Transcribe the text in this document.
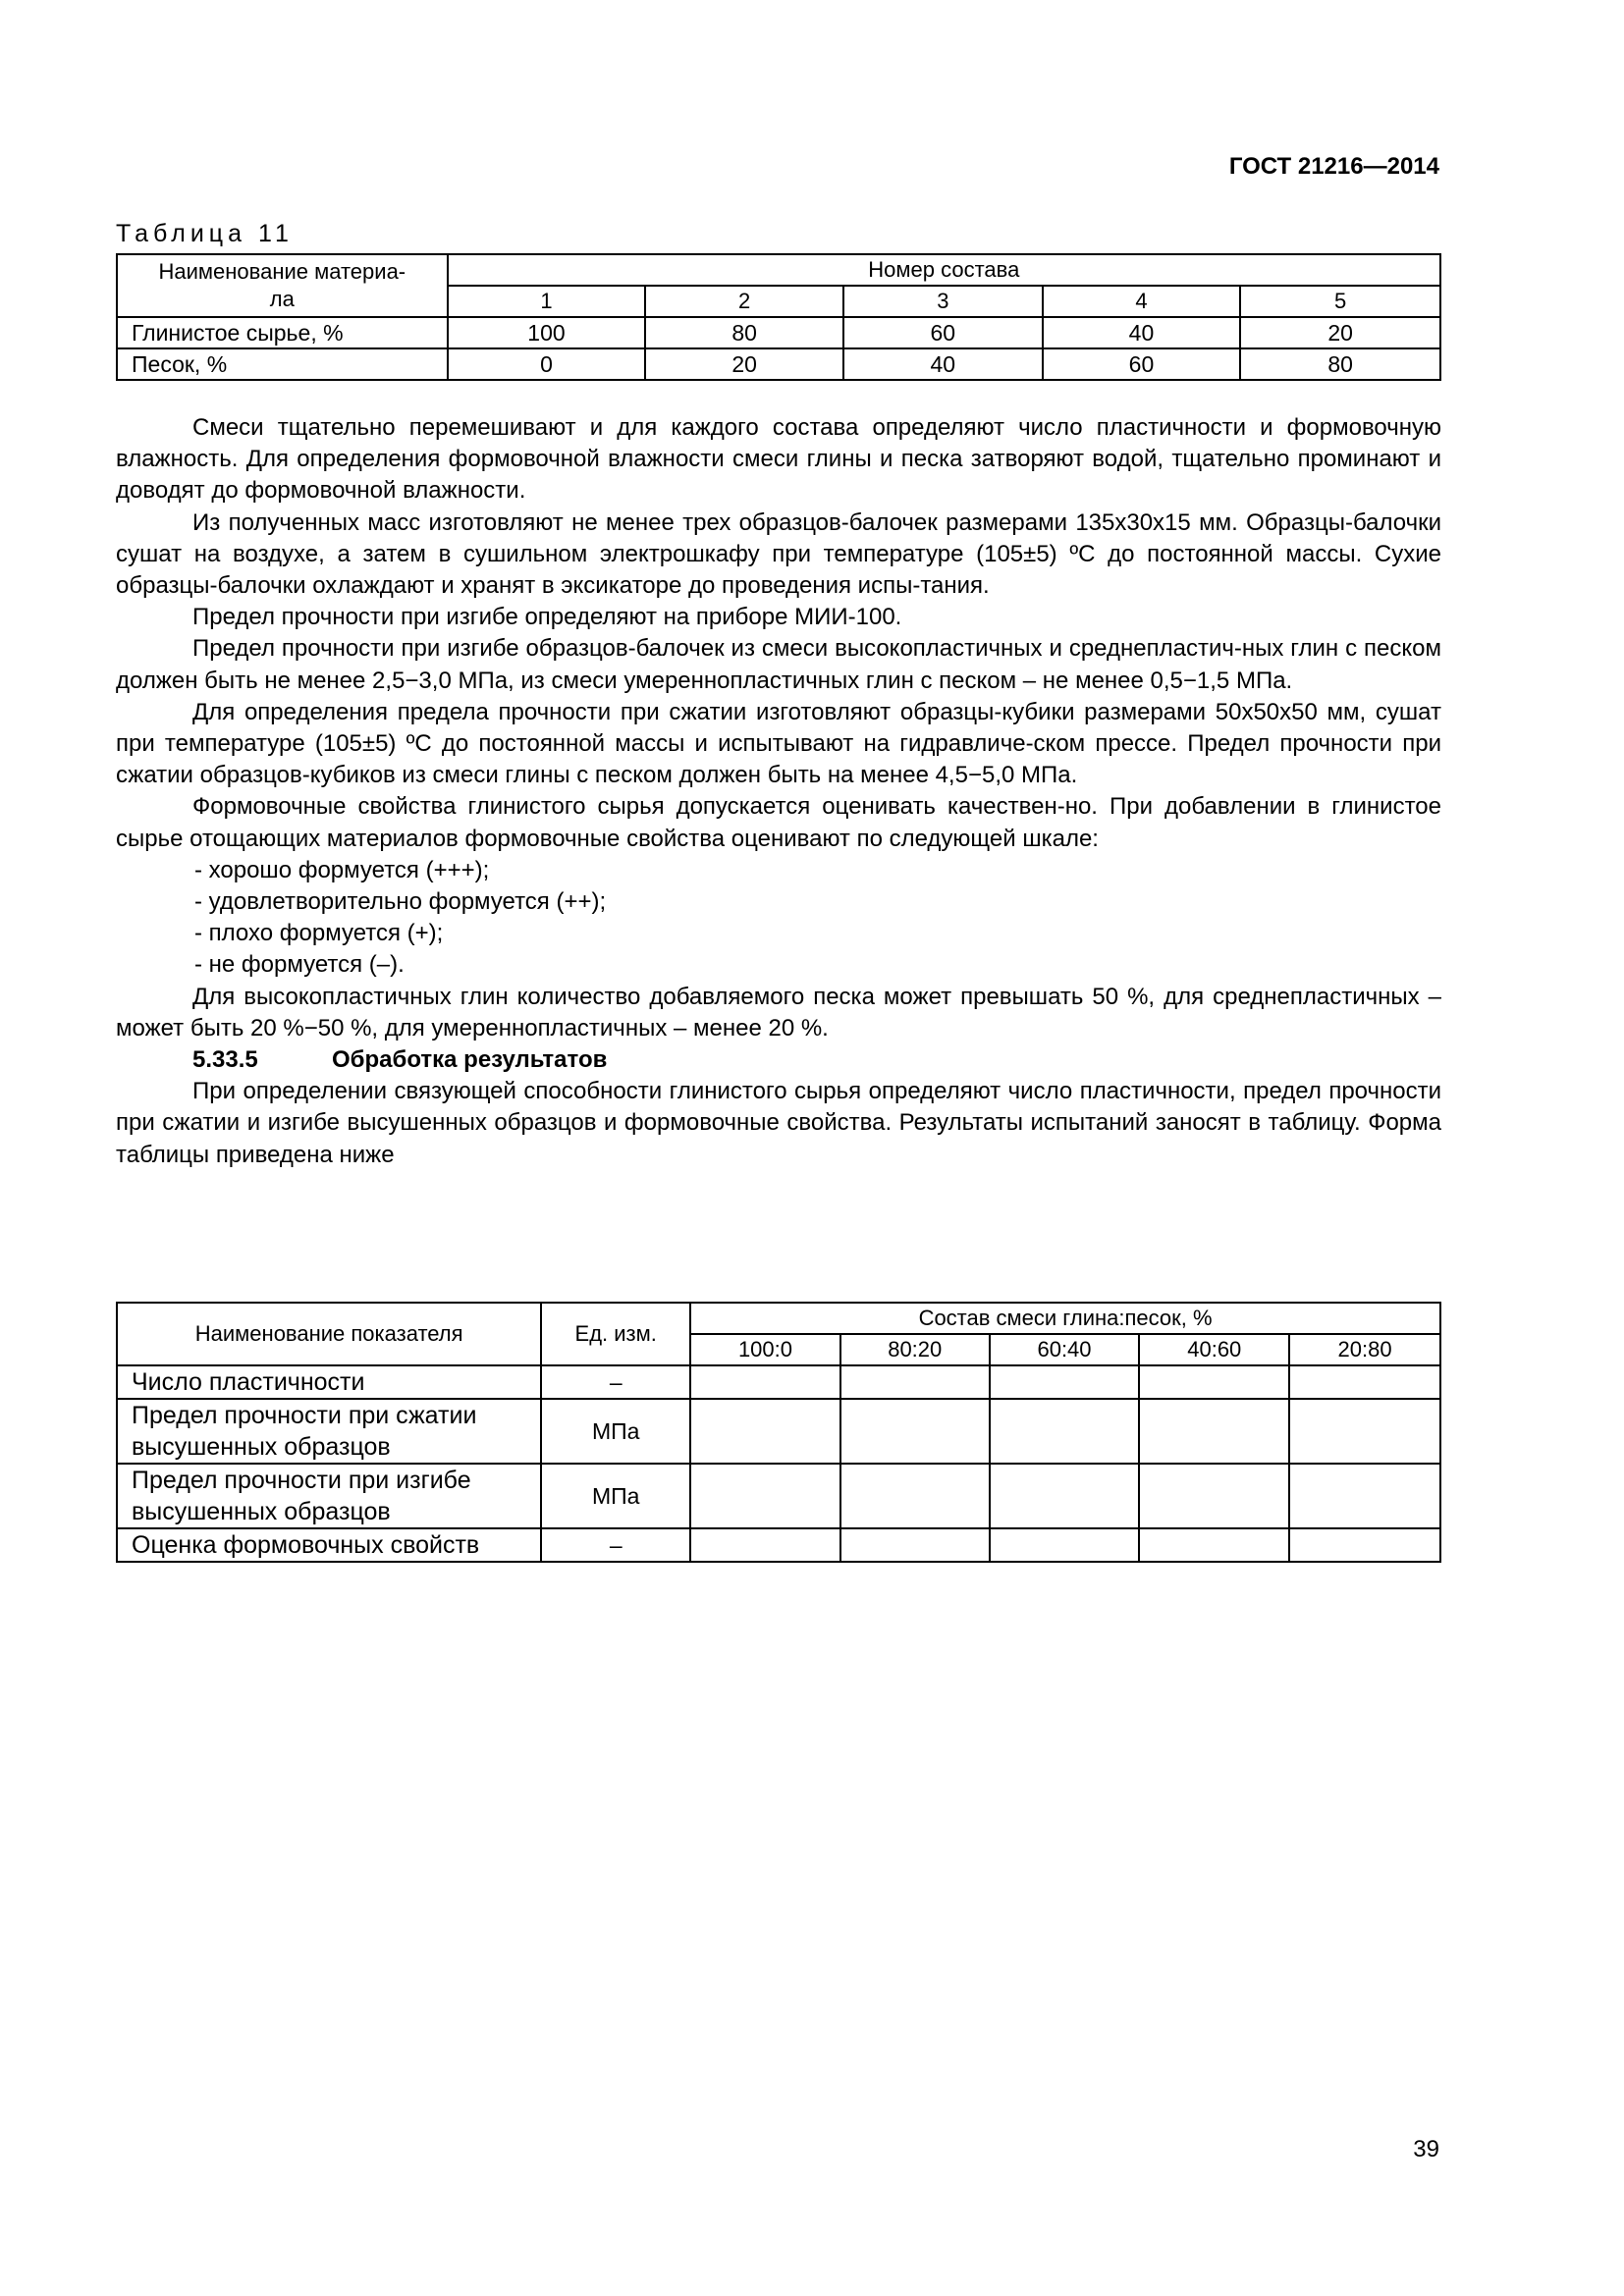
ГОСТ 21216—2014
Таблица 11
Наименование материа-
ла	Номер состава				
	1	2	3	4	5
Глинистое сырье, %	100	80	60	40	20
Песок, %	0	20	40	60	80

Смеси тщательно перемешивают и для каждого состава определяют число пластичности и формовочную влажность. Для определения формовочной влажности смеси глины и песка затворяют водой, тщательно проминают и доводят до формовочной влажности.

Из полученных масс изготовляют не менее трех образцов-балочек размерами 135х30х15 мм. Образцы-балочки сушат на воздухе, а затем в сушильном электрошкафу при температуре (105±5) ºС до постоянной массы. Сухие образцы-балочки охлаждают и хранят в эксикаторе до проведения испы-тания.

Предел прочности при изгибе определяют на приборе МИИ-100.

Предел прочности при изгибе образцов-балочек из смеси высокопластичных и среднепластич-ных глин с песком должен быть не менее 2,5−3,0 МПа, из смеси умереннопластичных глин с песком – не менее 0,5−1,5 МПа.

Для определения предела прочности при сжатии изготовляют образцы-кубики размерами 50х50х50 мм, сушат при температуре (105±5) ºС до постоянной массы и испытывают на гидравличе-ском прессе. Предел прочности при сжатии образцов-кубиков из смеси глины с песком должен быть на менее 4,5−5,0 МПа.

Формовочные свойства глинистого сырья допускается оценивать качествен-но. При добавлении в глинистое сырье отощающих материалов формовочные свойства оценивают по следующей шкале:

- хорошо формуется (+++);

- удовлетворительно формуется (++);

- плохо формуется (+);

- не формуется (–).

Для высокопластичных глин количество добавляемого песка может превышать 50 %, для среднепластичных – может быть 20 %−50 %, для умереннопластичных – менее 20 %.

5.33.5	Обработка результатов

При определении связующей способности глинистого сырья определяют число пластичности, предел прочности при сжатии и изгибе высушенных образцов и формовочные свойства. Результаты испытаний заносят в таблицу. Форма таблицы приведена ниже

Наименование показателя	Ед. изм.	Состав смеси глина:песок, %				
		100:0	80:20	60:40	40:60	20:80
Число пластичности	–					
Предел прочности при сжатии
высушенных образцов	МПа					
Предел прочности при изгибе
высушенных образцов	МПа					
Оценка формовочных свойств	–					
39
